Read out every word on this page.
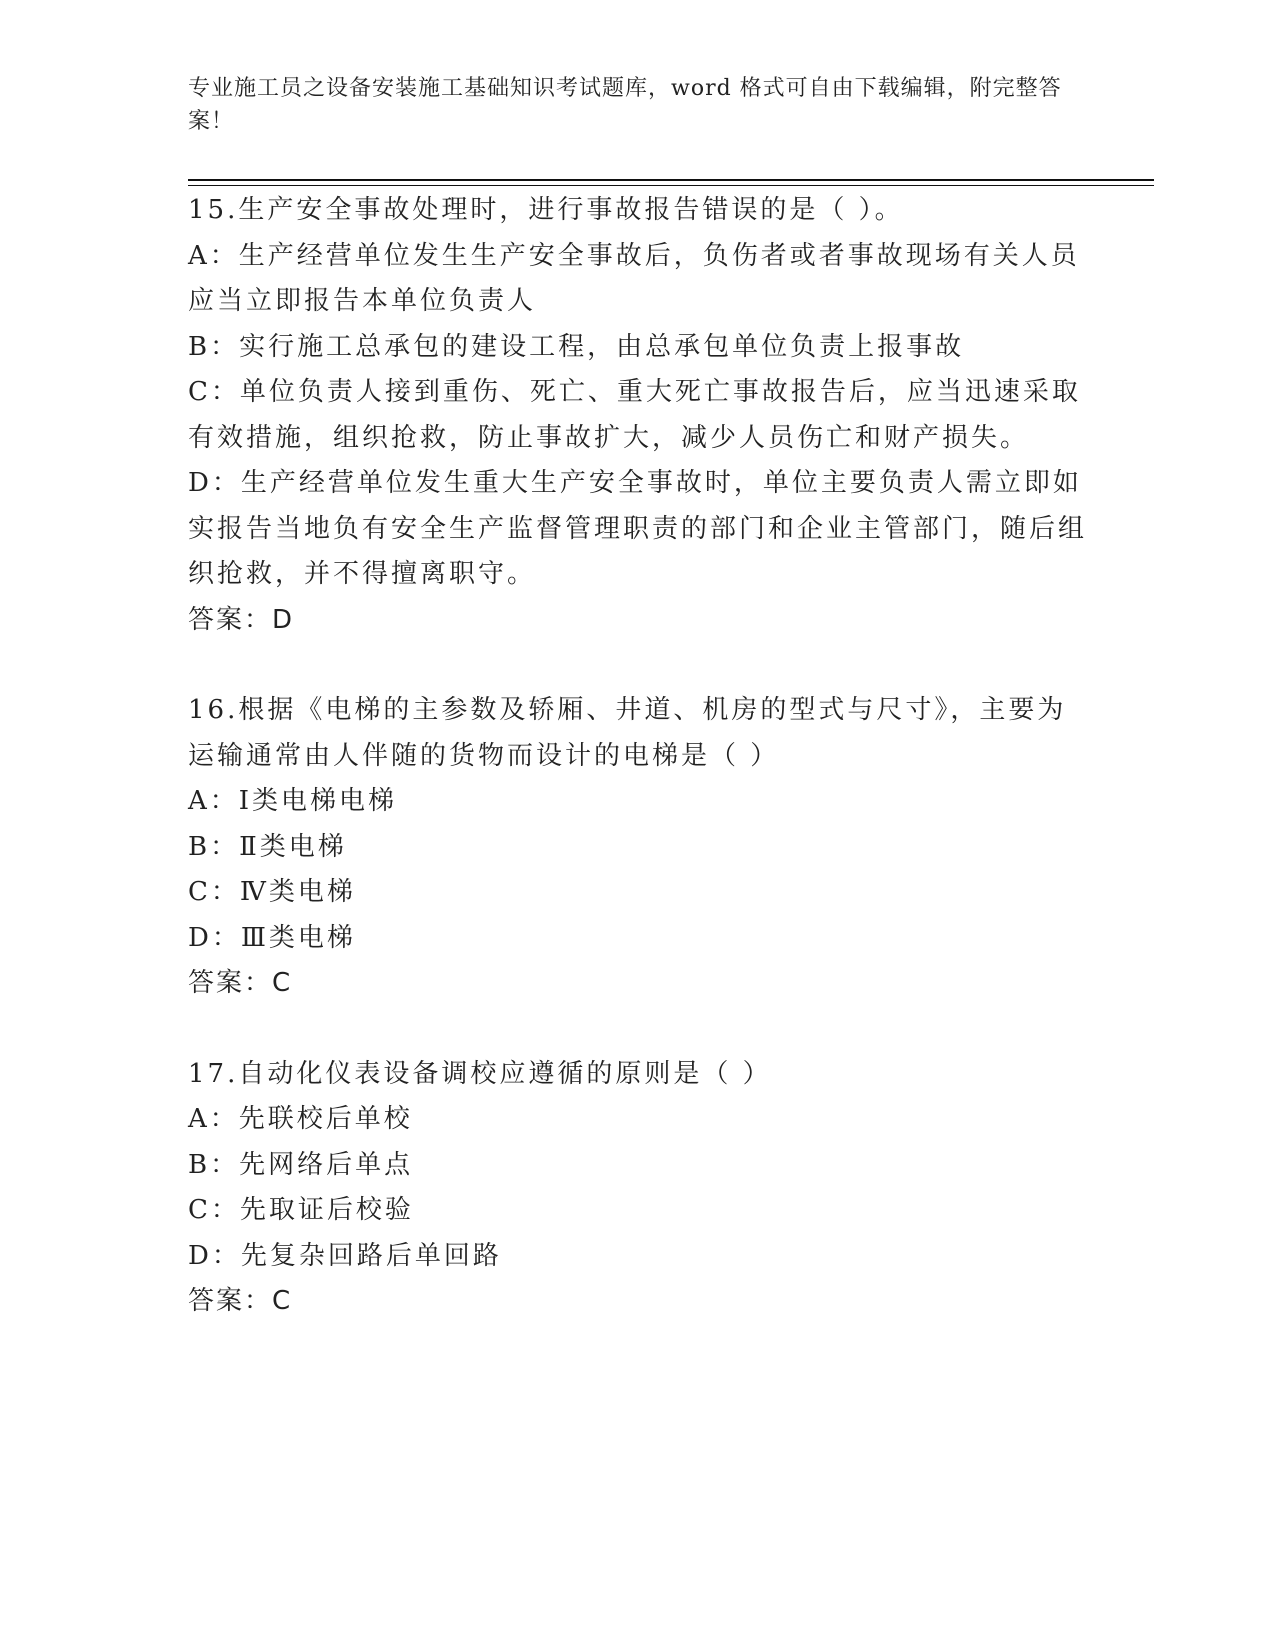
专业施工员之设备安装施工基础知识考试题库，word 格式可自由下载编辑，附完整答案！

15.生产安全事故处理时，进行事故报告错误的是（ ）。

A：生产经营单位发生生产安全事故后，负伤者或者事故现场有关人员应当立即报告本单位负责人

B：实行施工总承包的建设工程，由总承包单位负责上报事故

C：单位负责人接到重伤、死亡、重大死亡事故报告后，应当迅速采取有效措施，组织抢救，防止事故扩大，减少人员伤亡和财产损失。

D：生产经营单位发生重大生产安全事故时，单位主要负责人需立即如实报告当地负有安全生产监督管理职责的部门和企业主管部门，随后组织抢救，并不得擅离职守。

答案：D

16.根据《电梯的主参数及轿厢、井道、机房的型式与尺寸》，主要为运输通常由人伴随的货物而设计的电梯是（ ）

A：Ⅰ类电梯电梯

B：Ⅱ类电梯

C：Ⅳ类电梯

D：Ⅲ类电梯

答案：C

17.自动化仪表设备调校应遵循的原则是（ ）

A：先联校后单校

B：先网络后单点

C：先取证后校验

D：先复杂回路后单回路

答案：C
